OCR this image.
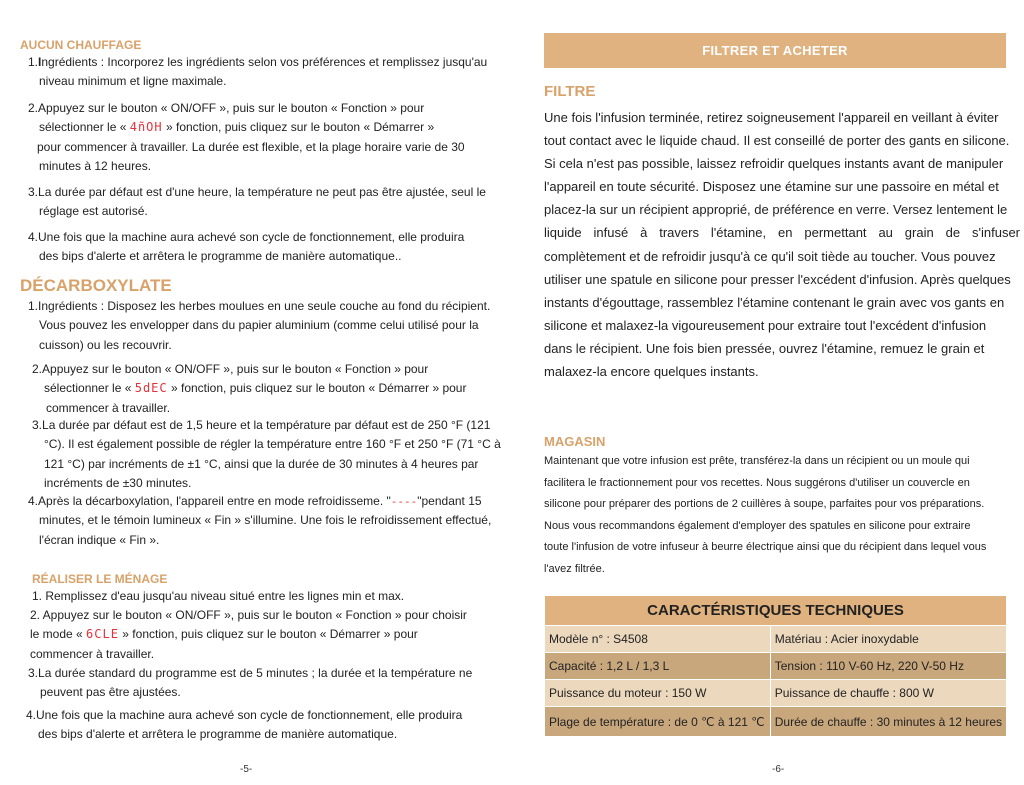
AUCUN CHAUFFAGE
1.Ingrédients : Incorporez les ingrédients selon vos préférences et remplissez jusqu'au
niveau minimum et ligne maximale.
2.Appuyez sur le bouton « ON/OFF », puis sur le bouton « Fonction » pour
sélectionner le « 4ñOH » fonction, puis cliquez sur le bouton « Démarrer »
pour commencer à travailler. La durée est flexible, et la plage horaire varie de 30
minutes à 12 heures.
3.La durée par défaut est d'une heure, la température ne peut pas être ajustée, seul le
réglage est autorisé.
4.Une fois que la machine aura achevé son cycle de fonctionnement, elle produira
des bips d'alerte et arrêtera le programme de manière automatique..
DÉCARBOXYLATE
1.Ingrédients : Disposez les herbes moulues en une seule couche au fond du récipient.
Vous pouvez les envelopper dans du papier aluminium (comme celui utilisé pour la
cuisson) ou les recouvrir.
2.Appuyez sur le bouton « ON/OFF », puis sur le bouton « Fonction » pour
sélectionner le « 5dEC » fonction, puis cliquez sur le bouton « Démarrer » pour
commencer à travailler.
3.La durée par défaut est de 1,5 heure et la température par défaut est de 250 °F (121
°C). Il est également possible de régler la température entre 160 °F et 250 °F (71 °C à
121 °C) par incréments de ±1 °C, ainsi que la durée de 30 minutes à 4 heures par
incréments de ±30 minutes.
4.Après la décarboxylation, l'appareil entre en mode refroidisseme. "----"pendant 15
minutes, et le témoin lumineux « Fin » s'illumine. Une fois le refroidissement effectué,
l'écran indique « Fin ».
RÉALISER LE MÉNAGE
1. Remplissez d'eau jusqu'au niveau situé entre les lignes min et max.
2. Appuyez sur le bouton « ON/OFF », puis sur le bouton « Fonction » pour choisir
le mode « 6CLE » fonction, puis cliquez sur le bouton « Démarrer » pour
commencer à travailler.
3.La durée standard du programme est de 5 minutes ; la durée et la température ne
peuvent pas être ajustées.
4.Une fois que la machine aura achevé son cycle de fonctionnement, elle produira
des bips d'alerte et arrêtera le programme de manière automatique.
-5-
FILTRER ET ACHETER
FILTRE
Une fois l'infusion terminée, retirez soigneusement l'appareil en veillant à éviter
tout contact avec le liquide chaud. Il est conseillé de porter des gants en silicone.
Si cela n'est pas possible, laissez refroidir quelques instants avant de manipuler
l'appareil en toute sécurité. Disposez une étamine sur une passoire en métal et
placez-la sur un récipient approprié, de préférence en verre. Versez lentement le
liquide infusé à travers l'étamine, en permettant au grain de s'infuser
complètement et de refroidir jusqu'à ce qu'il soit tiède au toucher. Vous pouvez
utiliser une spatule en silicone pour presser l'excédent d'infusion. Après quelques
instants d'égouttage, rassemblez l'étamine contenant le grain avec vos gants en
silicone et malaxez-la vigoureusement pour extraire tout l'excédent d'infusion
dans le récipient. Une fois bien pressée, ouvrez l'étamine, remuez le grain et
malaxez-la encore quelques instants.
MAGASIN
Maintenant que votre infusion est prête, transférez-la dans un récipient ou un moule qui
facilitera le fractionnement pour vos recettes. Nous suggérons d'utiliser un couvercle en
silicone pour préparer des portions de 2 cuillères à soupe, parfaites pour vos préparations.
Nous vous recommandons également d'employer des spatules en silicone pour extraire
toute l'infusion de votre infuseur à beurre électrique ainsi que du récipient dans lequel vous
l'avez filtrée.
CARACTÉRISTIQUES TECHNIQUES	
Modèle n° : S4508	Matériau : Acier inoxydable
Capacité : 1,2 L / 1,3 L	Tension : 110 V-60 Hz, 220 V-50 Hz
Puissance du moteur : 150 W	Puissance de chauffe : 800 W
Plage de température : de 0 ℃ à 121 ℃	Durée de chauffe : 30 minutes à 12 heures
-6-
